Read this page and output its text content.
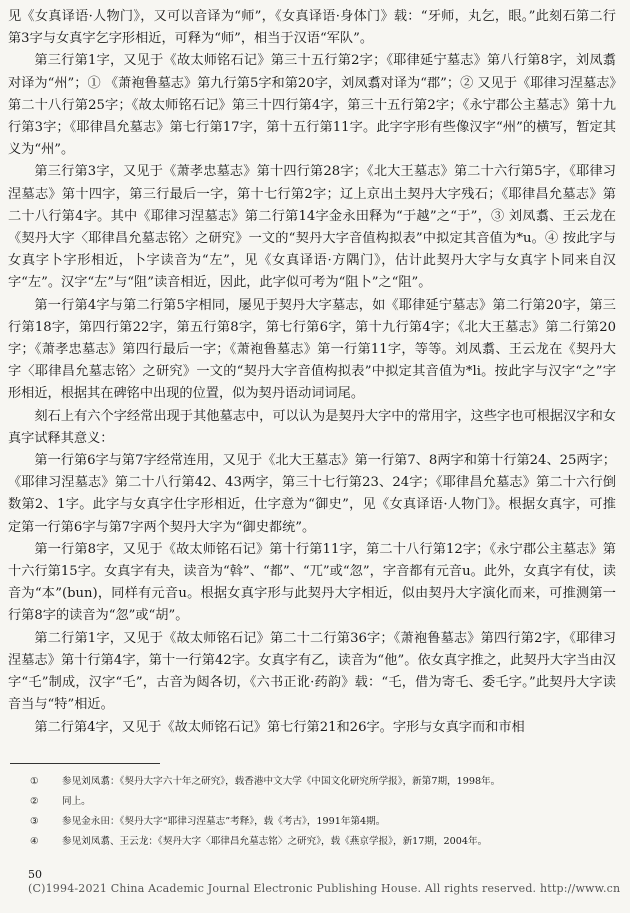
见《女真译语·人物门》，又可以音译为“师”，《女真译语·身体门》载：“牙师，丸乞，眼。”此刻石第二行第3字与女真字乞字形相近，可释为“师”，相当于汉语“军队”。

第三行第1字，又见于《故太师铭石记》第三十五行第2字；《耶律延宁墓志》第八行第8字，刘凤翥对译为“州”；① 《萧袍鲁墓志》第九行第5字和第20字，刘凤翥对译为“郡”；② 又见于《耶律习涅墓志》第二十八行第25字；《故太师铭石记》第三十四行第4字，第三十五行第2字；《永宁郡公主墓志》第十九行第3字；《耶律昌允墓志》第七行第17字，第十五行第11字。此字字形有些像汉字“州”的横写，暂定其义为“州”。

第三行第3字，又见于《萧孝忠墓志》第十四行第28字；《北大王墓志》第二十六行第5字，《耶律习涅墓志》第十四字，第三行最后一字，第十七行第2字；辽上京出土契丹大字残石；《耶律昌允墓志》第二十八行第4字。其中《耶律习涅墓志》第二行第14字金永田释为“于越”之“于”，③ 刘凤翥、王云龙在《契丹大字〈耶律昌允墓志铭〉之研究》一文的“契丹大字音值构拟表”中拟定其音值为*u。④ 按此字与女真字卜字形相近，卜字读音为“左”，见《女真译语·方隅门》，估计此契丹大字与女真字卜同来自汉字“左”。汉字“左”与“阻”读音相近，因此，此字似可考为“阻卜”之“阻”。

第一行第4字与第二行第5字相同，屡见于契丹大字墓志，如《耶律延宁墓志》第二行第20字，第三行第18字，第四行第22字，第五行第8字，第七行第6字，第十九行第4字；《北大王墓志》第二行第20字；《萧孝忠墓志》第四行最后一字；《萧袍鲁墓志》第一行第11字，等等。刘凤翥、王云龙在《契丹大字〈耶律昌允墓志铭〉之研究》一文的“契丹大字音值构拟表”中拟定其音值为*li。按此字与汉字“之”字形相近，根据其在碑铭中出现的位置，似为契丹语动词词尾。

刻石上有六个字经常出现于其他墓志中，可以认为是契丹大字中的常用字，这些字也可根据汉字和女真字试释其意义：

第一行第6字与第7字经常连用，又见于《北大王墓志》第一行第7、8两字和第十行第24、25两字；《耶律习涅墓志》第二十八行第42、43两字，第三十七行第23、24字；《耶律昌允墓志》第二十六行倒数第2、1字。此字与女真字仕字形相近，仕字意为“御史”，见《女真译语·人物门》。根据女真字，可推定第一行第6字与第7字两个契丹大字为“御史都统”。

第一行第8字，又见于《故太师铭石记》第十行第11字，第二十八行第12字；《永宁郡公主墓志》第十六行第15字。女真字有夬，读音为“斡”、“都”、“兀”或“忽”，字音都有元音u。此外，女真字有仗，读音为“本”(bun)，同样有元音u。根据女真字形与此契丹大字相近，似由契丹大字演化而来，可推测第一行第8字的读音为“忽”或“胡”。

第二行第1字，又见于《故太师铭石记》第二十二行第36字；《萧袍鲁墓志》第四行第2字，《耶律习涅墓志》第十行第4字，第十一行第42字。女真字有乙，读音为“他”。依女真字推之，此契丹大字当由汉字“乇”制成，汉字“乇”，古音为闼各切，《六书正讹·药韵》载：“乇，借为寄乇、委乇字。”此契丹大字读音当与“特”相近。

第二行第4字，又见于《故太师铭石记》第七行第21和26字。字形与女真字而和市相

①	参见刘凤翥：《契丹大字六十年之研究》，载香港中文大学《中国文化研究所学报》，新第7期，1998年。
②	同上。
③	参见金永田：《契丹大字“耶律习涅墓志”考释》，载《考古》，1991年第4期。
④	参见刘凤翥、王云龙：《契丹大字〈耶律昌允墓志铭〉之研究》，载《燕京学报》，新17期，2004年。
50
(C)1994-2021 China Academic Journal Electronic Publishing House. All rights reserved. http://www.cn
